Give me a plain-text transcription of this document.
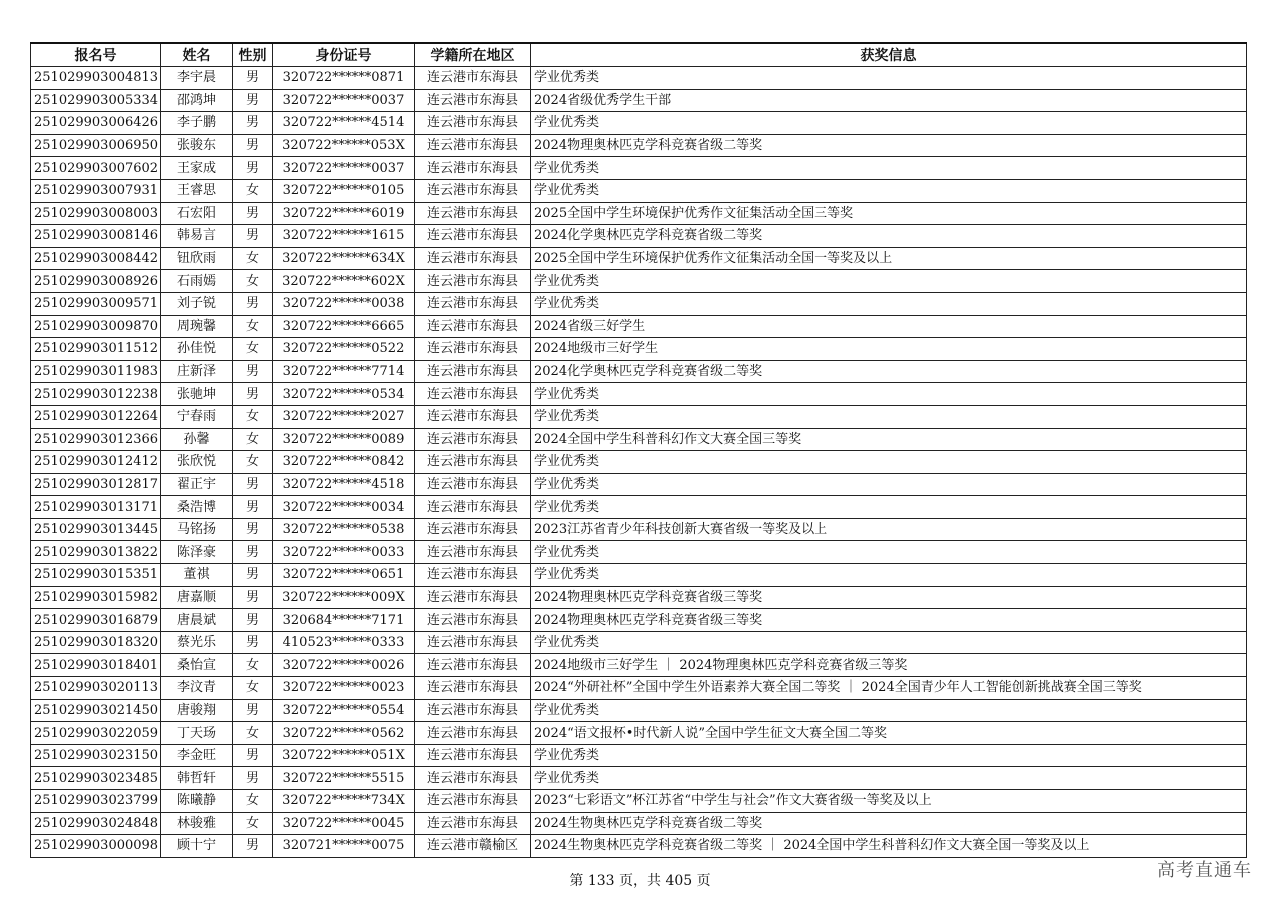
报名号	姓名	性别	身份证号	学籍所在地区	获奖信息
251029903004813	李宇晨	男	320722******0871	连云港市东海县	学业优秀类
251029903005334	邵鸿坤	男	320722******0037	连云港市东海县	2024省级优秀学生干部
251029903006426	李子鹏	男	320722******4514	连云港市东海县	学业优秀类
251029903006950	张骏东	男	320722******053X	连云港市东海县	2024物理奥林匹克学科竞赛省级二等奖
251029903007602	王家成	男	320722******0037	连云港市东海县	学业优秀类
251029903007931	王睿思	女	320722******0105	连云港市东海县	学业优秀类
251029903008003	石宏阳	男	320722******6019	连云港市东海县	2025全国中学生环境保护优秀作文征集活动全国三等奖
251029903008146	韩易言	男	320722******1615	连云港市东海县	2024化学奥林匹克学科竞赛省级二等奖
251029903008442	钮欣雨	女	320722******634X	连云港市东海县	2025全国中学生环境保护优秀作文征集活动全国一等奖及以上
251029903008926	石雨嫣	女	320722******602X	连云港市东海县	学业优秀类
251029903009571	刘子锐	男	320722******0038	连云港市东海县	学业优秀类
251029903009870	周琬馨	女	320722******6665	连云港市东海县	2024省级三好学生
251029903011512	孙佳悦	女	320722******0522	连云港市东海县	2024地级市三好学生
251029903011983	庄新泽	男	320722******7714	连云港市东海县	2024化学奥林匹克学科竞赛省级二等奖
251029903012238	张驰坤	男	320722******0534	连云港市东海县	学业优秀类
251029903012264	宁春雨	女	320722******2027	连云港市东海县	学业优秀类
251029903012366	孙馨	女	320722******0089	连云港市东海县	2024全国中学生科普科幻作文大赛全国三等奖
251029903012412	张欣悦	女	320722******0842	连云港市东海县	学业优秀类
251029903012817	翟正宇	男	320722******4518	连云港市东海县	学业优秀类
251029903013171	桑浩博	男	320722******0034	连云港市东海县	学业优秀类
251029903013445	马铭扬	男	320722******0538	连云港市东海县	2023江苏省青少年科技创新大赛省级一等奖及以上
251029903013822	陈泽豪	男	320722******0033	连云港市东海县	学业优秀类
251029903015351	董祺	男	320722******0651	连云港市东海县	学业优秀类
251029903015982	唐嘉顺	男	320722******009X	连云港市东海县	2024物理奥林匹克学科竞赛省级三等奖
251029903016879	唐晨斌	男	320684******7171	连云港市东海县	2024物理奥林匹克学科竞赛省级三等奖
251029903018320	蔡光乐	男	410523******0333	连云港市东海县	学业优秀类
251029903018401	桑怡宣	女	320722******0026	连云港市东海县	2024地级市三好学生 ｜ 2024物理奥林匹克学科竞赛省级三等奖
251029903020113	李汶青	女	320722******0023	连云港市东海县	2024“外研社杯”全国中学生外语素养大赛全国二等奖 ｜ 2024全国青少年人工智能创新挑战赛全国三等奖
251029903021450	唐骏翔	男	320722******0554	连云港市东海县	学业优秀类
251029903022059	丁天玚	女	320722******0562	连云港市东海县	2024“语文报杯•时代新人说”全国中学生征文大赛全国二等奖
251029903023150	李金旺	男	320722******051X	连云港市东海县	学业优秀类
251029903023485	韩哲轩	男	320722******5515	连云港市东海县	学业优秀类
251029903023799	陈曦静	女	320722******734X	连云港市东海县	2023“七彩语文”杯江苏省“中学生与社会”作文大赛省级一等奖及以上
251029903024848	林骏雅	女	320722******0045	连云港市东海县	2024生物奥林匹克学科竞赛省级二等奖
251029903000098	顾十宁	男	320721******0075	连云港市赣榆区	2024生物奥林匹克学科竞赛省级二等奖 ｜ 2024全国中学生科普科幻作文大赛全国一等奖及以上
第 133 页，共 405 页	高考直通车
